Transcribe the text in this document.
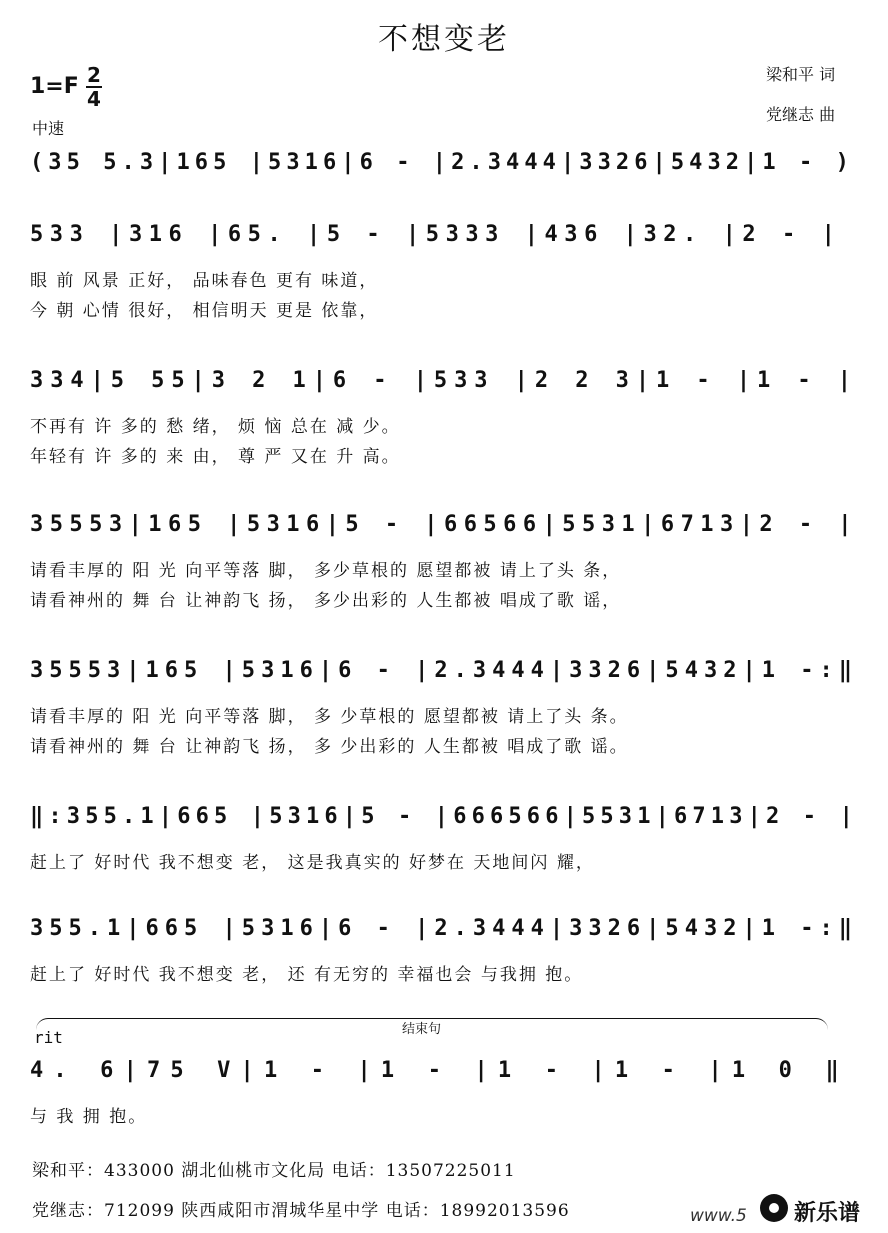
不想变老
梁和平 词
党继志 曲
1=F 2
4
中速
(35 5.3|165 |5316|6 - |2.3444|3326|5432|1 - )
533 |316 |65. |5 - |5333 |436 |32. |2 - |
眼 前 风景 正好， 品味春色 更有 味道，
今 朝 心情 很好， 相信明天 更是 依靠，
334|5 55|3 2 1|6 - |533 |2 2 3|1 - |1 - |
不再有 许 多的 愁 绪， 烦 恼 总在 减 少。
年轻有 许 多的 来 由， 尊 严 又在 升 高。
35553|165 |5316|5 - |66566|5531|6713|2 - |
请看丰厚的 阳 光 向平等落 脚， 多少草根的 愿望都被 请上了头 条，
请看神州的 舞 台 让神韵飞 扬， 多少出彩的 人生都被 唱成了歌 谣，
35553|165 |5316|6 - |2.3444|3326|5432|1 -:‖
请看丰厚的 阳 光 向平等落 脚， 多 少草根的 愿望都被 请上了头 条。
请看神州的 舞 台 让神韵飞 扬， 多 少出彩的 人生都被 唱成了歌 谣。
‖:355.1|665 |5316|5 - |666566|5531|6713|2 - |
赶上了 好时代 我不想变 老， 这是我真实的 好梦在 天地间闪 耀，
355.1|665 |5316|6 - |2.3444|3326|5432|1 -:‖
赶上了 好时代 我不想变 老， 还 有无穷的 幸福也会 与我拥 抱。
4. 6|75 V|1 - |1 - |1 - |1 - |1 0 ‖
与 我 拥 抱。
rit	结束句
梁和平：433000 湖北仙桃市文化局 电话：13507225011
党继志：712099 陕西咸阳市渭城华星中学 电话：18992013596	www.5 新乐谱
